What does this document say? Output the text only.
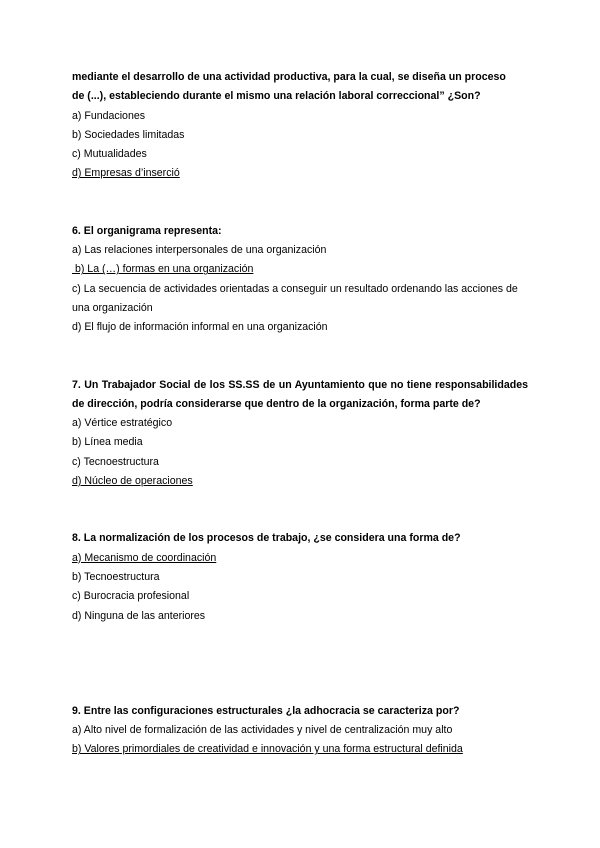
mediante el desarrollo de una actividad productiva, para la cual, se diseña un proceso

de (...), estableciendo durante el mismo una relación laboral correccional” ¿Son?

a) Fundaciones

b) Sociedades limitadas

c) Mutualidades

d) Empresas d’inserció

6. El organigrama representa:

a) Las relaciones interpersonales de una organización

b) La (…) formas en una organización

c) La secuencia de actividades orientadas a conseguir un resultado ordenando las acciones de una organización

d) El flujo de información informal en una organización

7. Un Trabajador Social de los SS.SS de un Ayuntamiento que no tiene responsabilidades de dirección, podría considerarse que dentro de la organización, forma parte de?

a) Vértice estratégico

b) Línea media

c) Tecnoestructura

d) Núcleo de operaciones

8. La normalización de los procesos de trabajo, ¿se considera una forma de?

a) Mecanismo de coordinación

b) Tecnoestructura

c) Burocracia profesional

d) Ninguna de las anteriores

9. Entre las configuraciones estructurales ¿la adhocracia se caracteriza por?

a) Alto nivel de formalización de las actividades y nivel de centralización muy alto

b) Valores primordiales de creatividad e innovación y una forma estructural definida
